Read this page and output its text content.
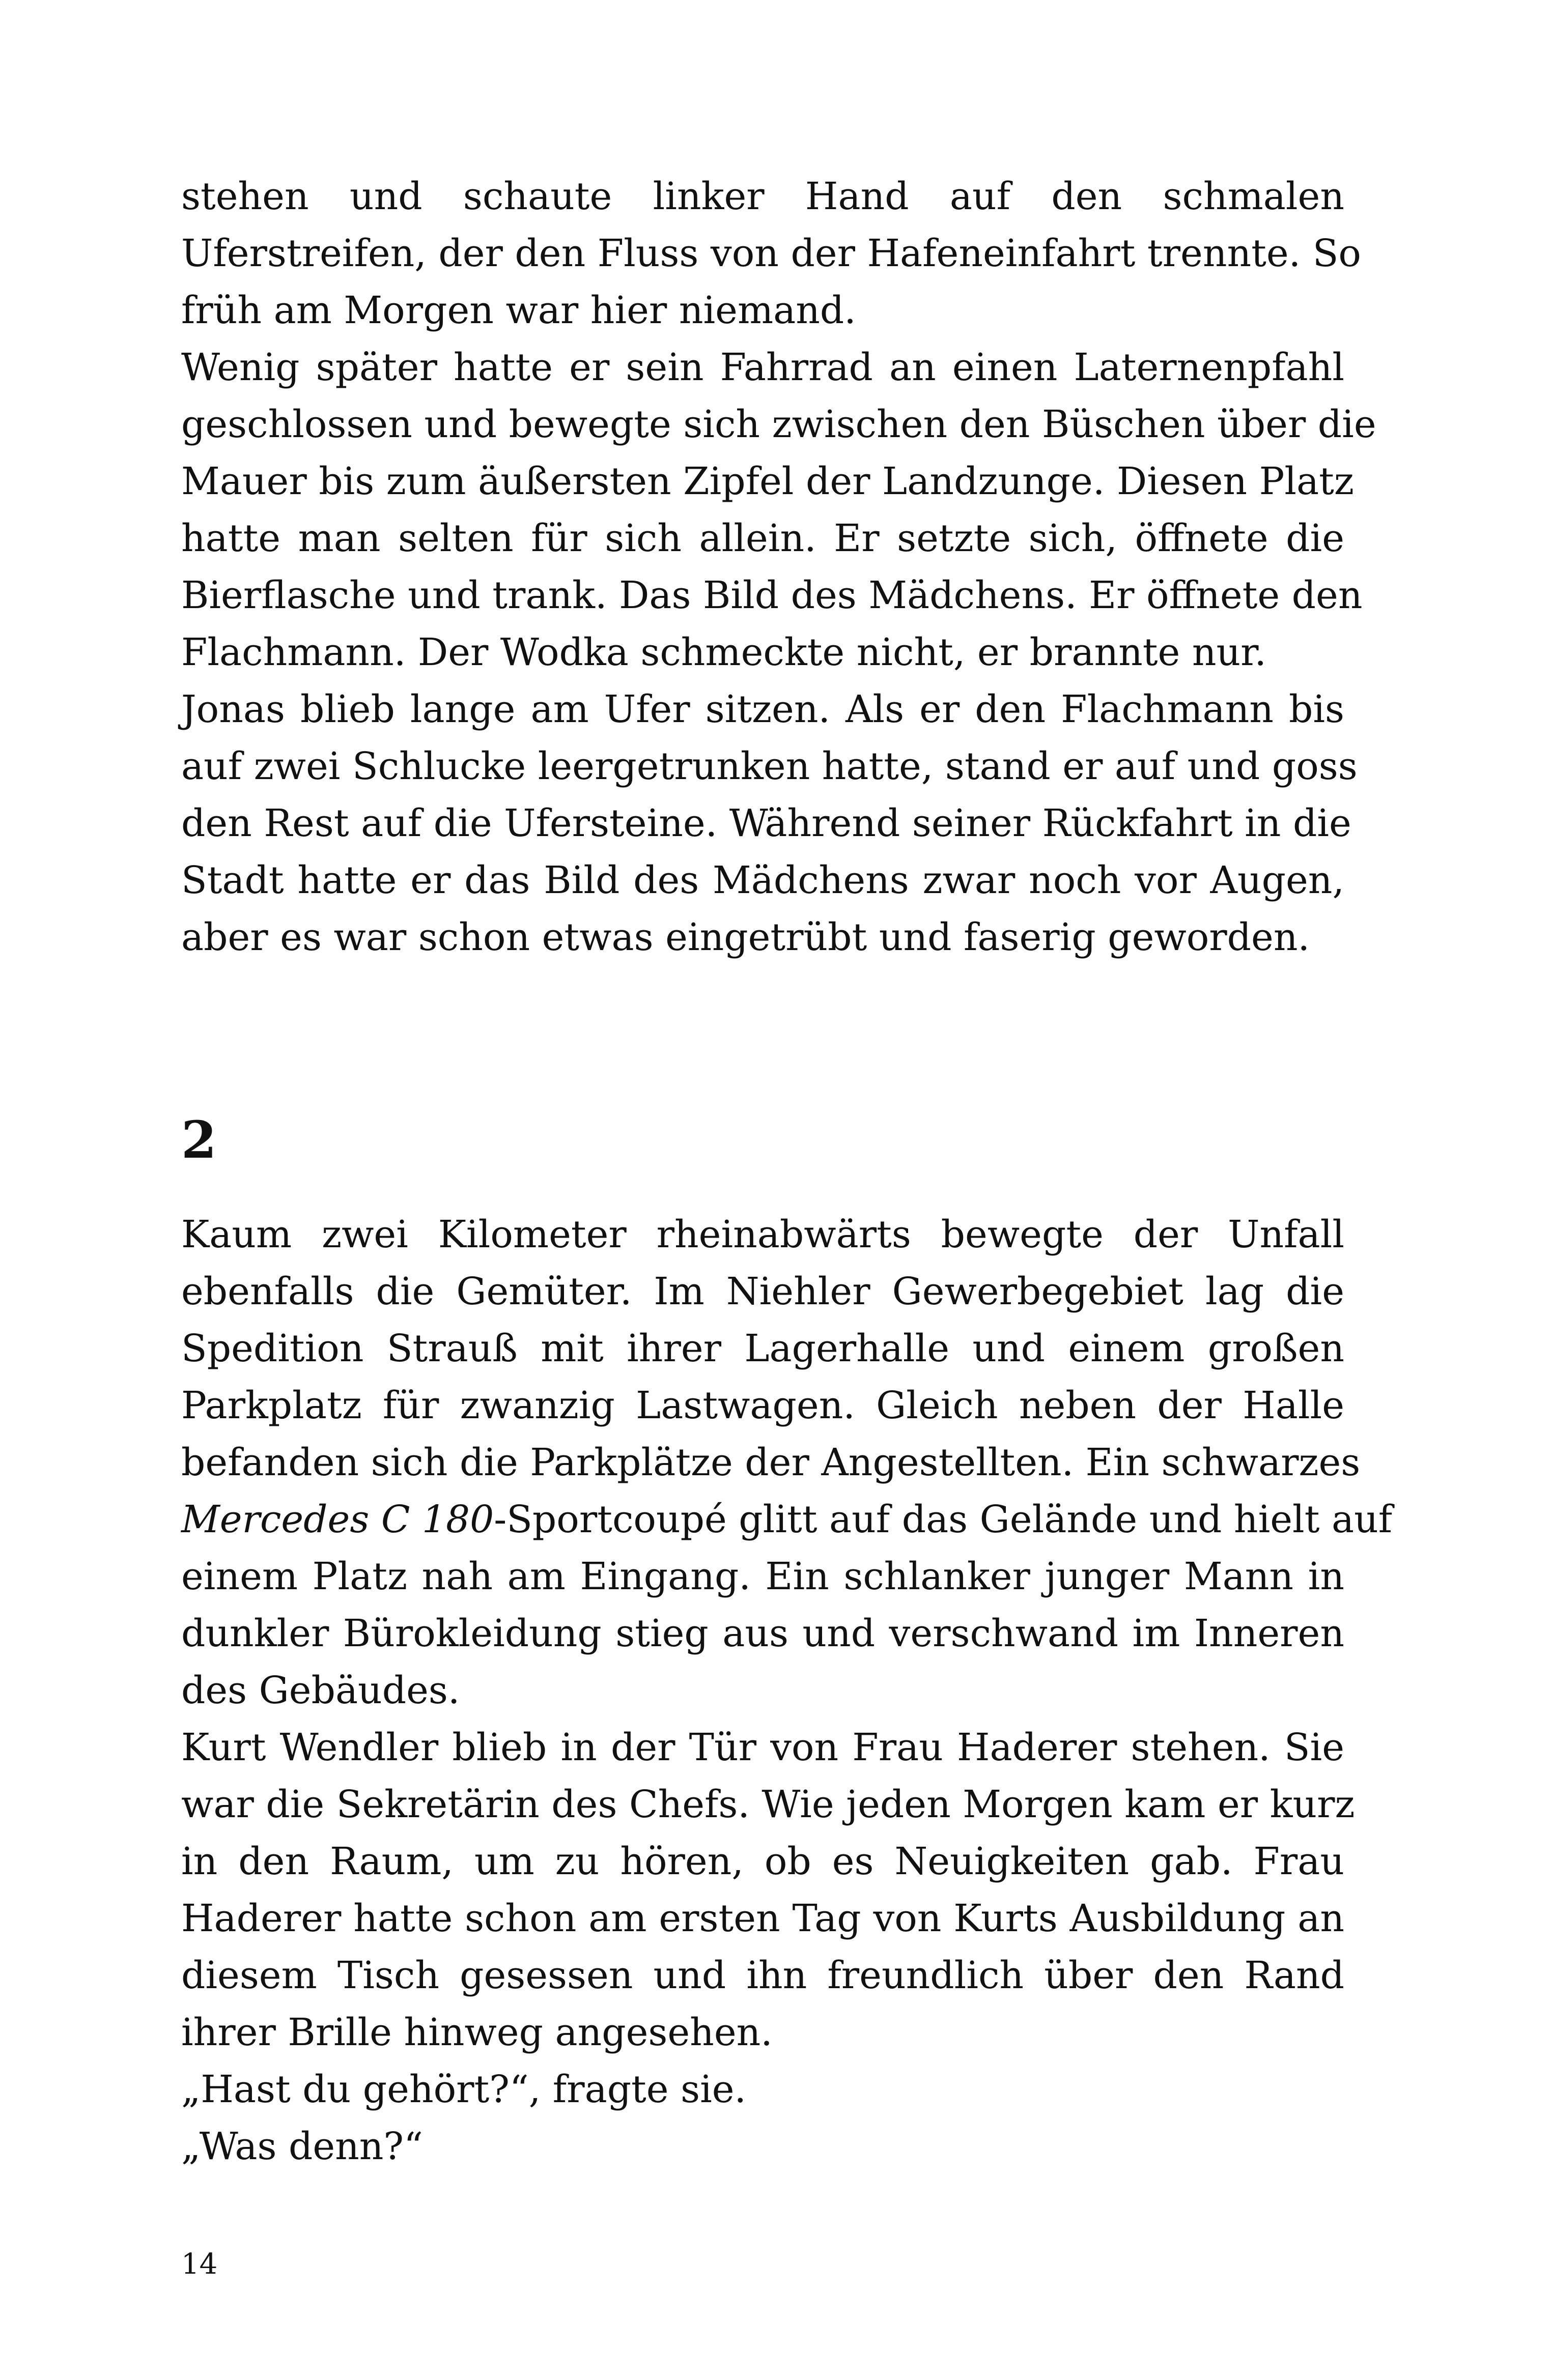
stehen und schaute linker Hand auf den schmalen
Uferstreifen, der den Fluss von der Hafeneinfahrt trennte. So
früh am Morgen war hier niemand.
Wenig später hatte er sein Fahrrad an einen Laternenpfahl
geschlossen und bewegte sich zwischen den Büschen über die
Mauer bis zum äußersten Zipfel der Landzunge. Diesen Platz
hatte man selten für sich allein. Er setzte sich, öffnete die
Bierflasche und trank. Das Bild des Mädchens. Er öffnete den
Flachmann. Der Wodka schmeckte nicht, er brannte nur.
Jonas blieb lange am Ufer sitzen. Als er den Flachmann bis
auf zwei Schlucke leergetrunken hatte, stand er auf und goss
den Rest auf die Ufersteine. Während seiner Rückfahrt in die
Stadt hatte er das Bild des Mädchens zwar noch vor Augen,
aber es war schon etwas eingetrübt und faserig geworden.
2
Kaum zwei Kilometer rheinabwärts bewegte der Unfall
ebenfalls die Gemüter. Im Niehler Gewerbegebiet lag die
Spedition Strauß mit ihrer Lagerhalle und einem großen
Parkplatz für zwanzig Lastwagen. Gleich neben der Halle
befanden sich die Parkplätze der Angestellten. Ein schwarzes
Mercedes C 180-Sportcoupé glitt auf das Gelände und hielt auf
einem Platz nah am Eingang. Ein schlanker junger Mann in
dunkler Bürokleidung stieg aus und verschwand im Inneren
des Gebäudes.
Kurt Wendler blieb in der Tür von Frau Haderer stehen. Sie
war die Sekretärin des Chefs. Wie jeden Morgen kam er kurz
in den Raum, um zu hören, ob es Neuigkeiten gab. Frau
Haderer hatte schon am ersten Tag von Kurts Ausbildung an
diesem Tisch gesessen und ihn freundlich über den Rand
ihrer Brille hinweg angesehen.
„Hast du gehört?“, fragte sie.
„Was denn?“
14
